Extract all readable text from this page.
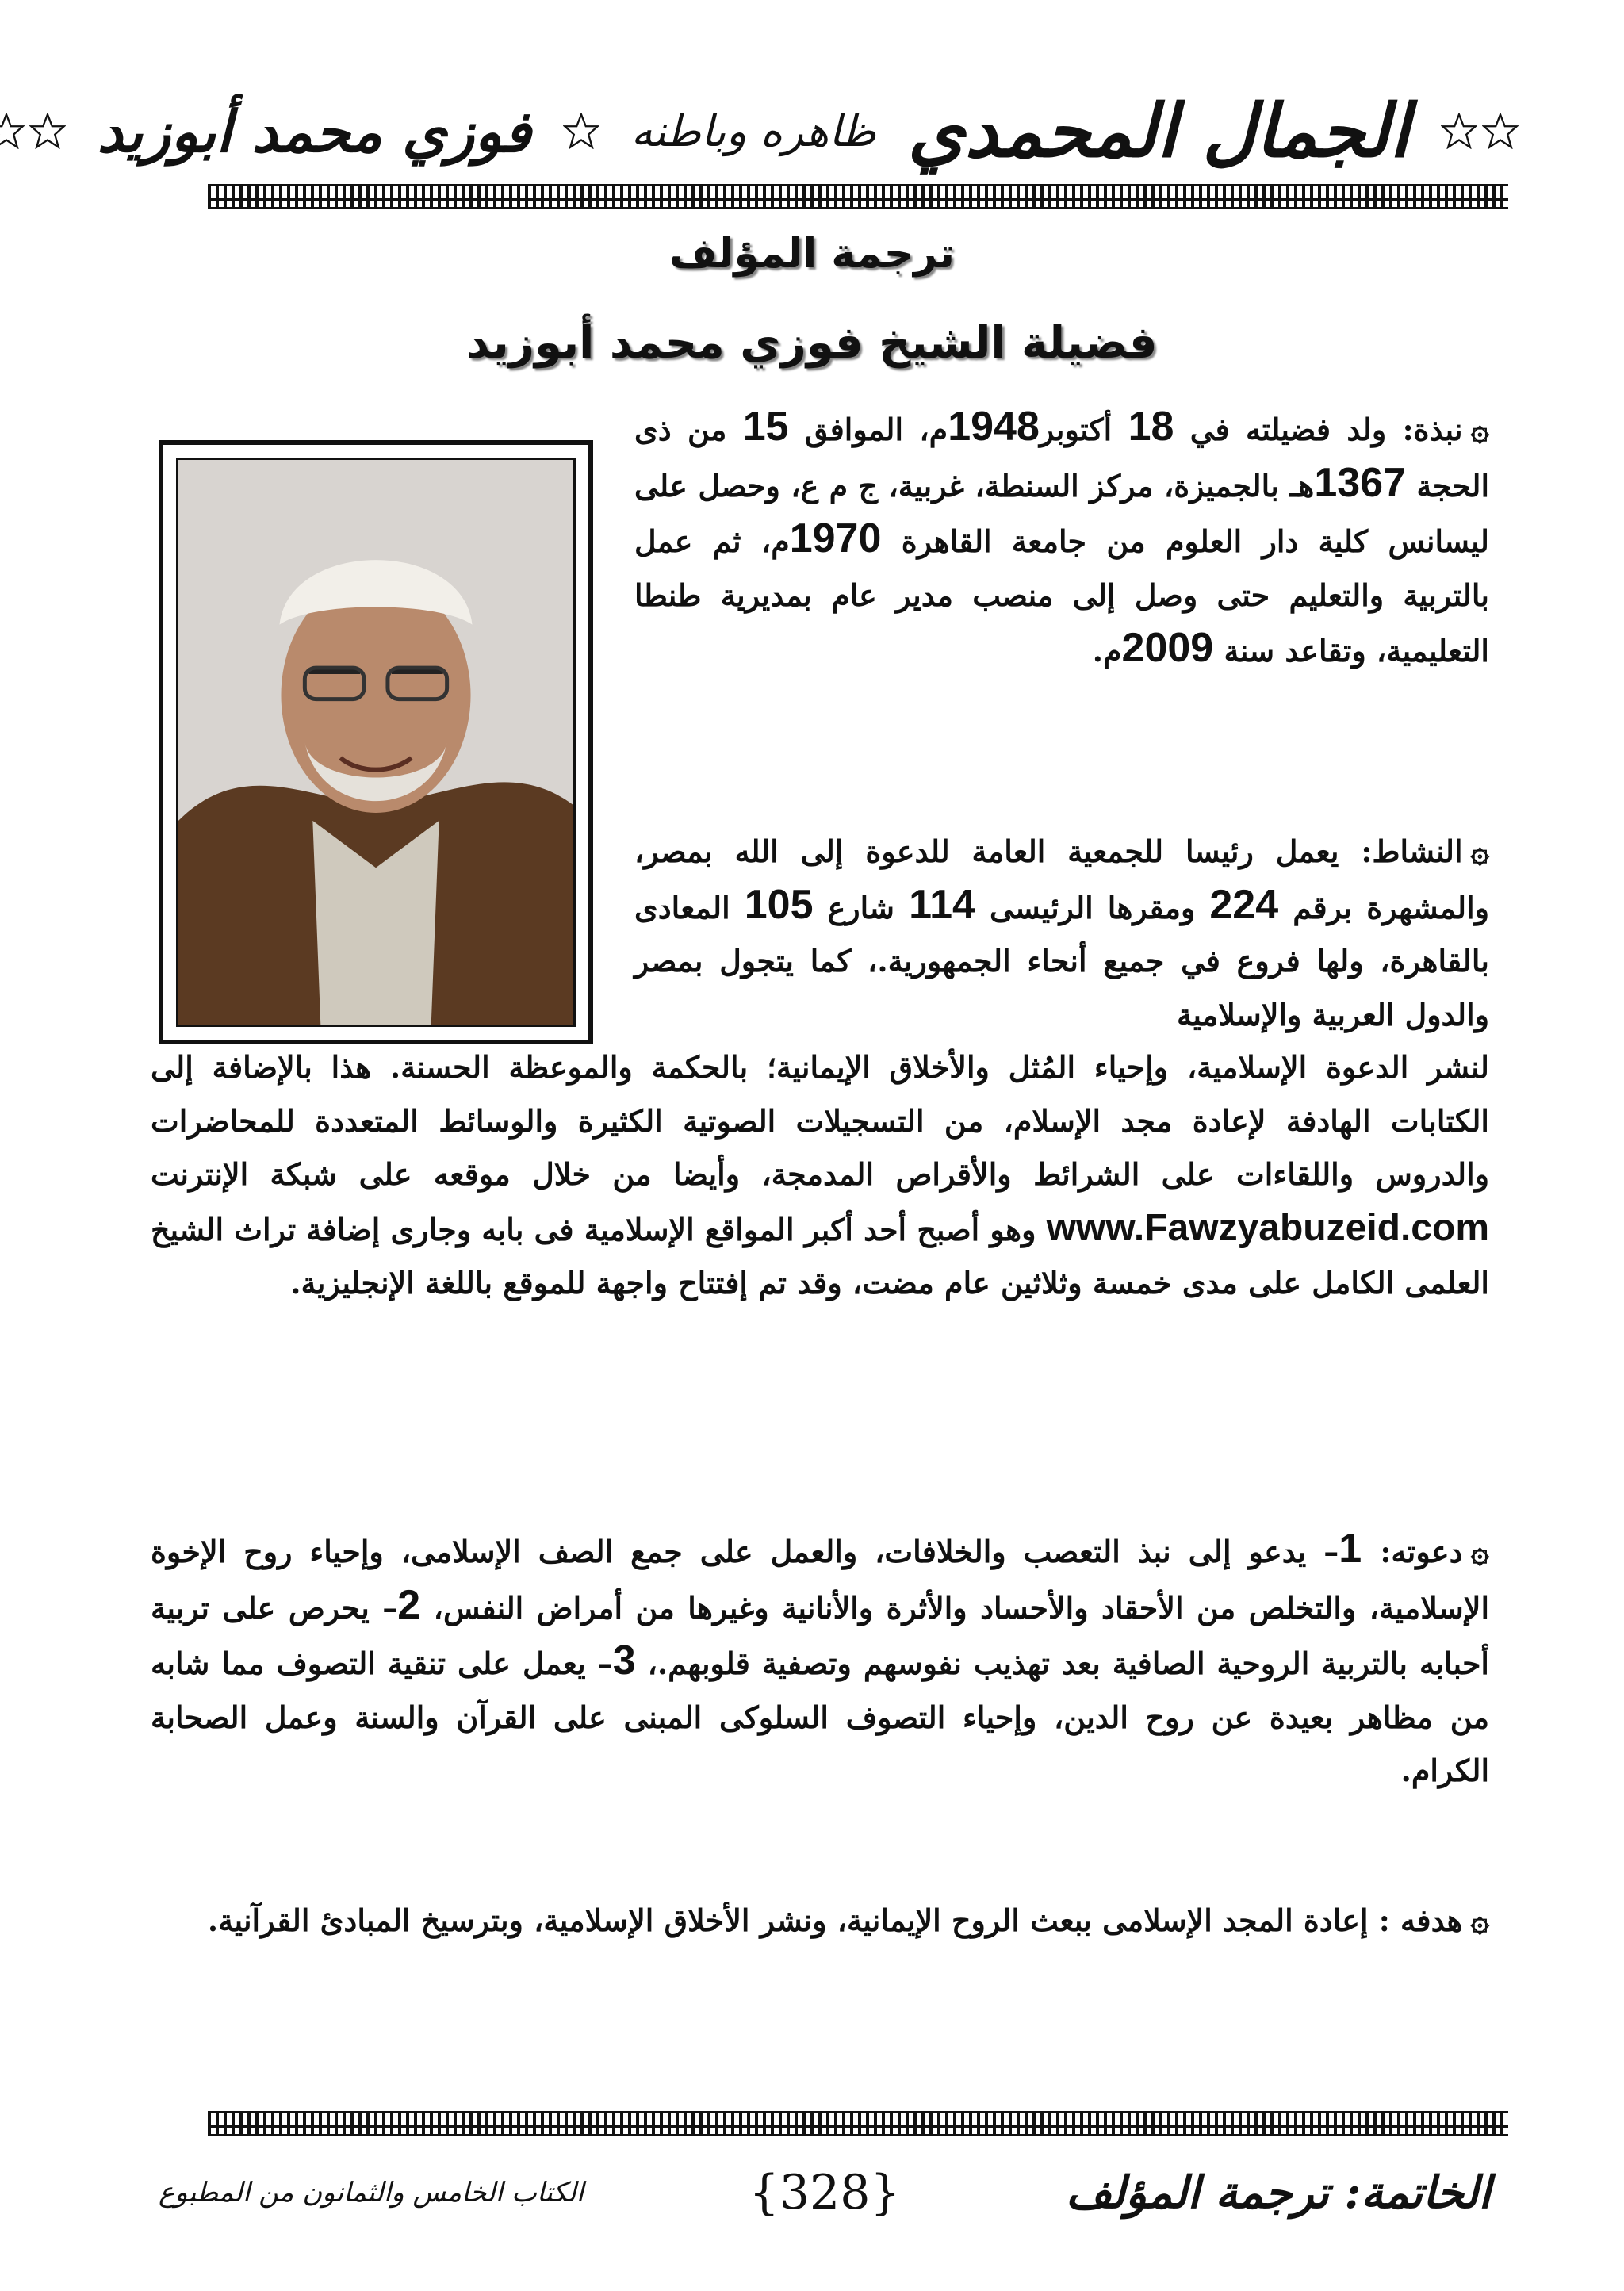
الجمال المحمدي
ظاهره وباطنه
فوزي محمد أبوزيد
ترجمة المؤلف
فضيلة الشيخ فوزي محمد أبوزيد
۞نبذة: ولد فضيلته في 18 أكتوبر1948م، الموافق 15 من ذى الحجة 1367هـ بالجميزة، مركز السنطة، غربية، ج م ع، وحصل على ليسانس كلية دار العلوم من جامعة القاهرة 1970م، ثم عمل بالتربية والتعليم حتى وصل إلى منصب مدير عام بمديرية طنطا التعليمية، وتقاعد سنة 2009م.
۞النشاط: يعمل رئيسا للجمعية العامة للدعوة إلى الله بمصر، والمشهرة برقم 224 ومقرها الرئيسى 114 شارع 105 المعادى بالقاهرة، ولها فروع في جميع أنحاء الجمهورية.، كما يتجول بمصر والدول العربية والإسلامية
لنشر الدعوة الإسلامية، وإحياء المُثل والأخلاق الإيمانية؛ بالحكمة والموعظة الحسنة. هذا بالإضافة إلى الكتابات الهادفة لإعادة مجد الإسلام، من التسجيلات الصوتية الكثيرة والوسائط المتعددة للمحاضرات والدروس واللقاءات على الشرائط والأقراص المدمجة، وأيضا من خلال موقعه على شبكة الإنترنت www.Fawzyabuzeid.com وهو أصبح أحد أكبر المواقع الإسلامية فى بابه وجارى إضافة تراث الشيخ العلمى الكامل على مدى خمسة وثلاثين عام مضت، وقد تم إفتتاح واجهة للموقع باللغة الإنجليزية.
۞دعوته: 1– يدعو إلى نبذ التعصب والخلافات، والعمل على جمع الصف الإسلامى، وإحياء روح الإخوة الإسلامية، والتخلص من الأحقاد والأحساد والأثرة والأنانية وغيرها من أمراض النفس، 2– يحرص على تربية أحبابه بالتربية الروحية الصافية بعد تهذيب نفوسهم وتصفية قلوبهم.، 3– يعمل على تنقية التصوف مما شابه من مظاهر بعيدة عن روح الدين، وإحياء التصوف السلوكى المبنى على القرآن والسنة وعمل الصحابة الكرام.
۞هدفه : إعادة المجد الإسلامى ببعث الروح الإيمانية، ونشر الأخلاق الإسلامية، وبترسيخ المبادئ القرآنية.
الخاتمة: ترجمة المؤلف
{328}
الكتاب الخامس والثمانون من المطبوع
